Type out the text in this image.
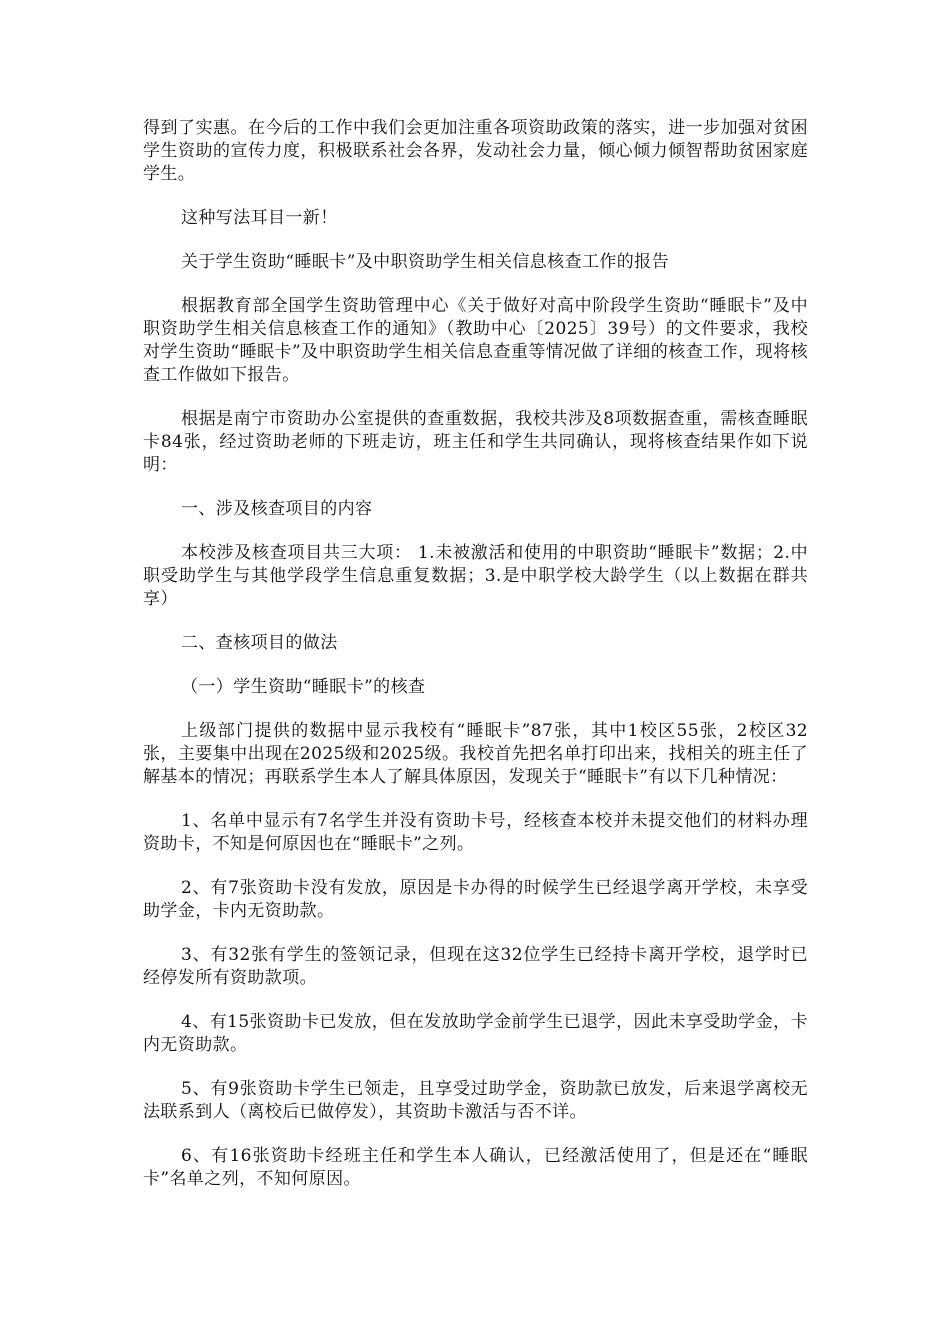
得到了实惠。在今后的工作中我们会更加注重各项资助政策的落实，进一步加强对贫困学生资助的宣传力度，积极联系社会各界，发动社会力量，倾心倾力倾智帮助贫困家庭学生。

这种写法耳目一新！

关于学生资助“睡眠卡”及中职资助学生相关信息核查工作的报告

根据教育部全国学生资助管理中心《关于做好对高中阶段学生资助“睡眠卡”及中职资助学生相关信息核查工作的通知》（教助中心〔2025〕39号）的文件要求，我校对学生资助“睡眠卡”及中职资助学生相关信息查重等情况做了详细的核查工作，现将核查工作做如下报告。

根据是南宁市资助办公室提供的查重数据，我校共涉及8项数据查重，需核查睡眠卡84张，经过资助老师的下班走访，班主任和学生共同确认，现将核查结果作如下说明：

一、涉及核查项目的内容

本校涉及核查项目共三大项： 1.未被激活和使用的中职资助“睡眠卡”数据；2.中职受助学生与其他学段学生信息重复数据；3.是中职学校大龄学生（以上数据在群共享）

二、查核项目的做法

（一）学生资助“睡眠卡”的核查

上级部门提供的数据中显示我校有“睡眠卡”87张，其中1校区55张，2校区32张，主要集中出现在2025级和2025级。我校首先把名单打印出来，找相关的班主任了解基本的情况；再联系学生本人了解具体原因，发现关于“睡眠卡”有以下几种情况：

1、名单中显示有7名学生并没有资助卡号，经核查本校并未提交他们的材料办理资助卡，不知是何原因也在“睡眠卡”之列。

2、有7张资助卡没有发放，原因是卡办得的时候学生已经退学离开学校，未享受助学金，卡内无资助款。

3、有32张有学生的签领记录，但现在这32位学生已经持卡离开学校，退学时已经停发所有资助款项。

4、有15张资助卡已发放，但在发放助学金前学生已退学，因此未享受助学金，卡内无资助款。

5、有9张资助卡学生已领走，且享受过助学金，资助款已放发，后来退学离校无法联系到人（离校后已做停发），其资助卡激活与否不详。

6、有16张资助卡经班主任和学生本人确认，已经激活使用了，但是还在“睡眠卡”名单之列，不知何原因。
